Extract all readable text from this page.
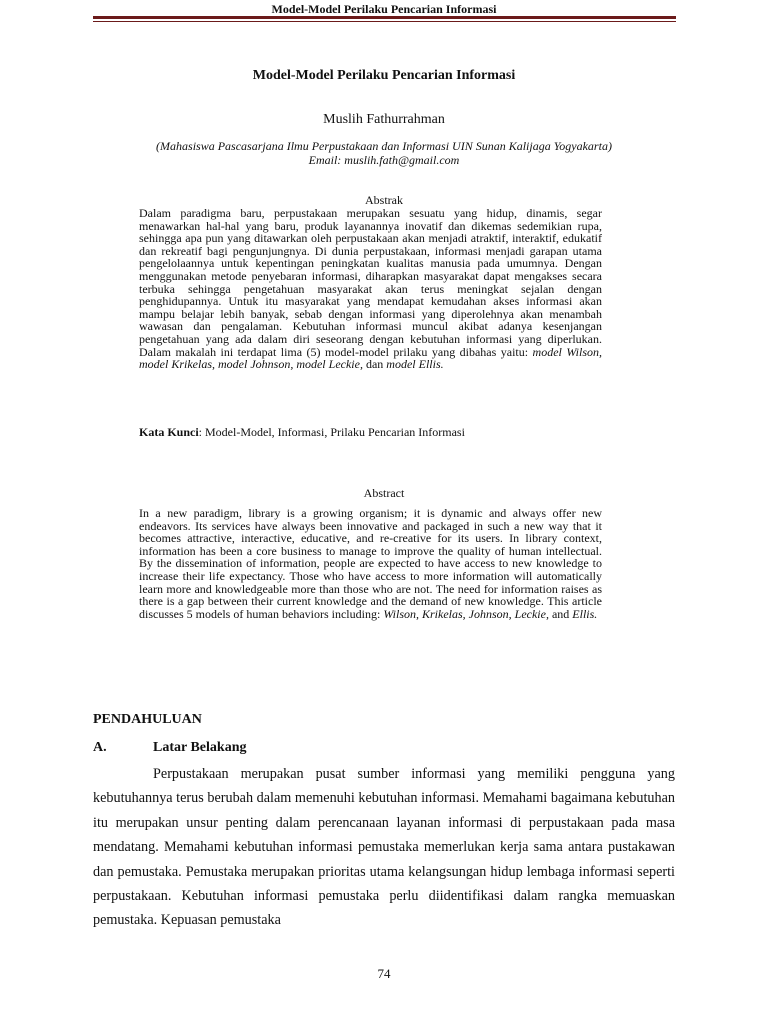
Model-Model Perilaku Pencarian Informasi
Model-Model Perilaku Pencarian Informasi
Muslih Fathurrahman
(Mahasiswa Pascasarjana Ilmu Perpustakaan dan Informasi UIN Sunan Kalijaga Yogyakarta)
Email: muslih.fath@gmail.com
Abstrak
Dalam paradigma baru, perpustakaan merupakan sesuatu yang hidup, dinamis, segar menawarkan hal-hal yang baru, produk layanannya inovatif dan dikemas sedemikian rupa, sehingga apa pun yang ditawarkan oleh perpustakaan akan menjadi atraktif, interaktif, edukatif dan rekreatif bagi pengunjungnya. Di dunia perpustakaan, informasi menjadi garapan utama pengelolaannya untuk kepentingan peningkatan kualitas manusia pada umumnya. Dengan menggunakan metode penyebaran informasi, diharapkan masyarakat dapat mengakses secara terbuka sehingga pengetahuan masyarakat akan terus meningkat sejalan dengan penghidupannya. Untuk itu masyarakat yang mendapat kemudahan akses informasi akan mampu belajar lebih banyak, sebab dengan informasi yang diperolehnya akan menambah wawasan dan pengalaman. Kebutuhan informasi muncul akibat adanya kesenjangan pengetahuan yang ada dalam diri seseorang dengan kebutuhan informasi yang diperlukan. Dalam makalah ini terdapat lima (5) model-model prilaku yang dibahas yaitu: model Wilson, model Krikelas, model Johnson, model Leckie, dan model Ellis.
Kata Kunci: Model-Model, Informasi, Prilaku Pencarian Informasi
Abstract
In a new paradigm, library is a growing organism; it is dynamic and always offer new endeavors. Its services have always been innovative and packaged in such a new way that it becomes attractive, interactive, educative, and re-creative for its users. In library context, information has been a core business to manage to improve the quality of human intellectual. By the dissemination of information, people are expected to have access to new knowledge to increase their life expectancy. Those who have access to more information will automatically learn more and knowledgeable more than those who are not. The need for information raises as there is a gap between their current knowledge and the demand of new knowledge. This article discusses 5 models of human behaviors including: Wilson, Krikelas, Johnson, Leckie, and Ellis.
PENDAHULUAN
A.	Latar Belakang
Perpustakaan merupakan pusat sumber informasi yang memiliki pengguna yang kebutuhannya terus berubah dalam memenuhi kebutuhan informasi. Memahami bagaimana kebutuhan itu merupakan unsur penting dalam perencanaan layanan informasi di perpustakaan pada masa mendatang. Memahami kebutuhan informasi pemustaka memerlukan kerja sama antara pustakawan dan pemustaka. Pemustaka merupakan prioritas utama kelangsungan hidup lembaga informasi seperti perpustakaan. Kebutuhan informasi pemustaka perlu diidentifikasi dalam rangka memuaskan pemustaka. Kepuasan pemustaka
74
